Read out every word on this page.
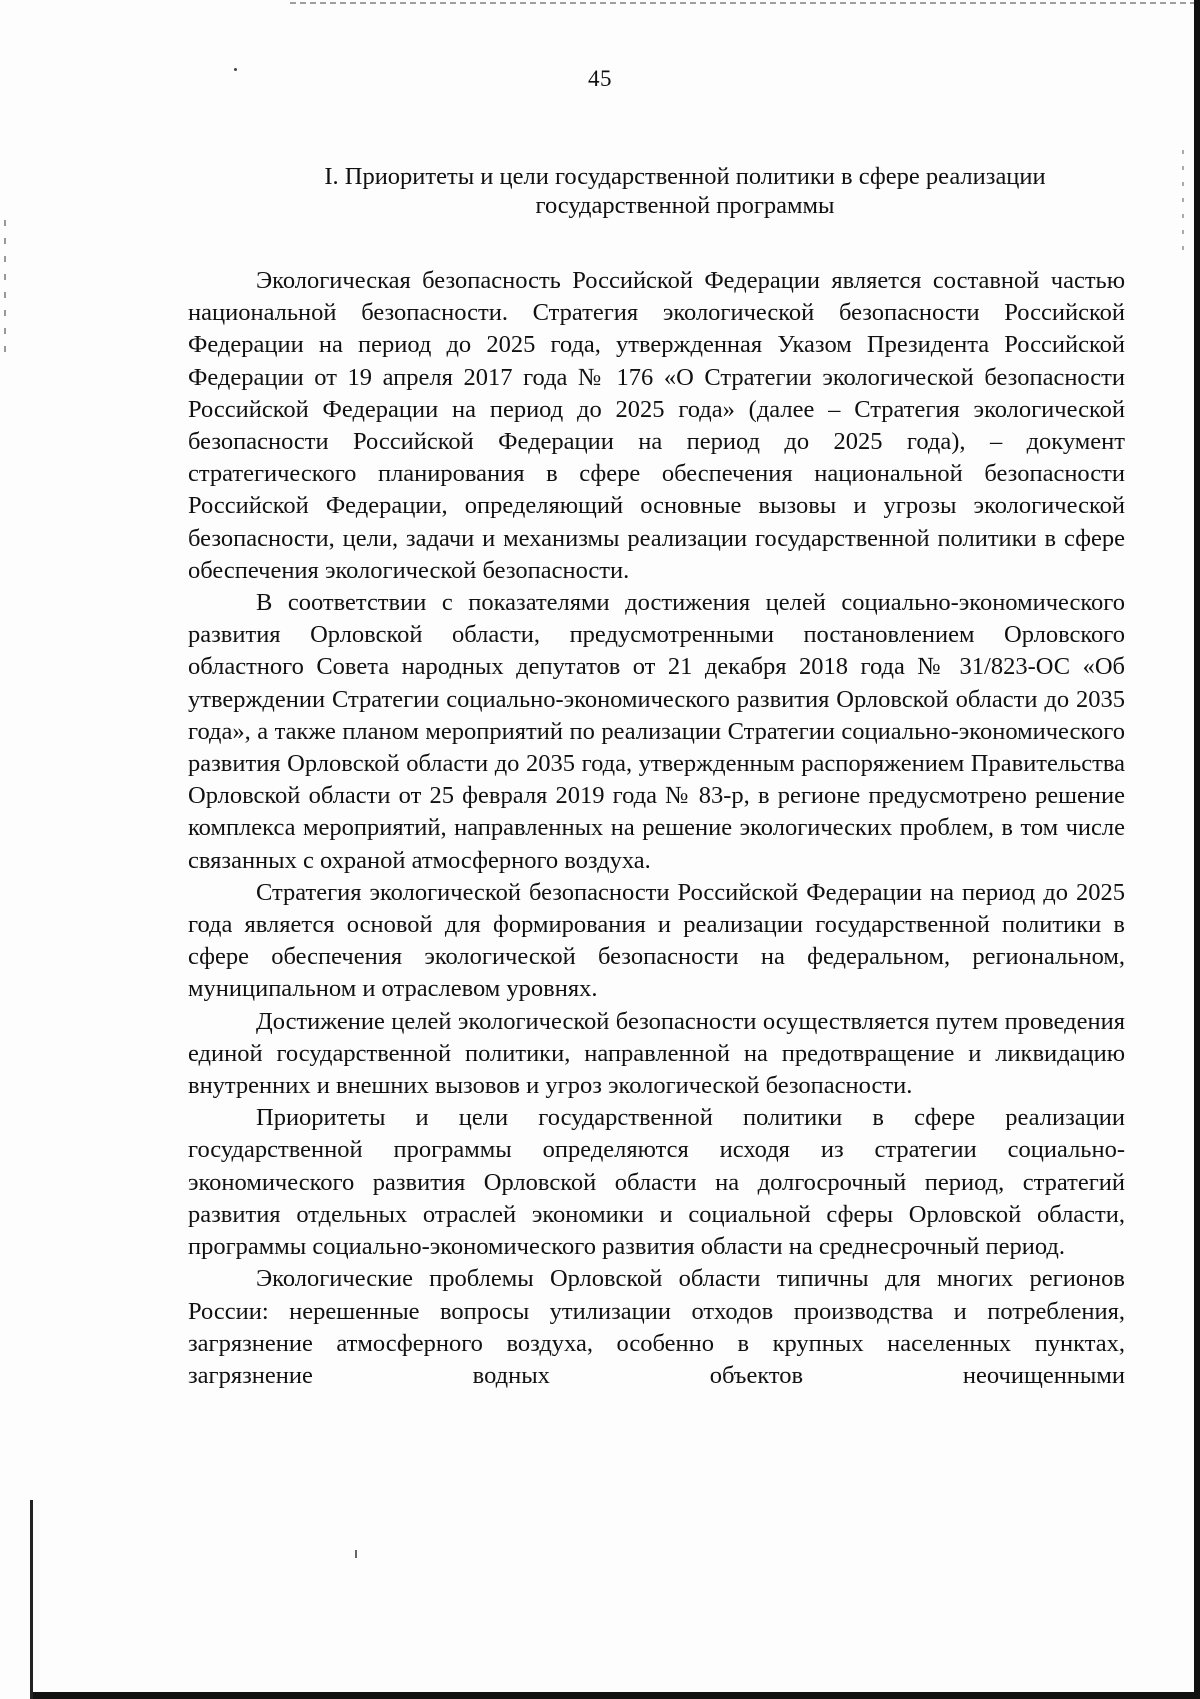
45
I. Приоритеты и цели государственной политики в сфере реализации
государственной программы

Экологическая безопасность Российской Федерации является составной частью национальной безопасности. Стратегия экологической безопасности Российской Федерации на период до 2025 года, утвержденная Указом Президента Российской Федерации от 19 апреля 2017 года № 176 «О Стратегии экологической безопасности Российской Федерации на период до 2025 года» (далее – Стратегия экологической безопасности Российской Федерации на период до 2025 года), – документ стратегического планирования в сфере обеспечения национальной безопасности Российской Федерации, определяющий основные вызовы и угрозы экологической безопасности, цели, задачи и механизмы реализации государственной политики в сфере обеспечения экологической безопасности.

В соответствии с показателями достижения целей социально-экономического развития Орловской области, предусмотренными постановлением Орловского областного Совета народных депутатов от 21 декабря 2018 года № 31/823-ОС «Об утверждении Стратегии социально-экономического развития Орловской области до 2035 года», а также планом мероприятий по реализации Стратегии социально-экономического развития Орловской области до 2035 года, утвержденным распоряжением Правительства Орловской области от 25 февраля 2019 года № 83-р, в регионе предусмотрено решение комплекса мероприятий, направленных на решение экологических проблем, в том числе связанных с охраной атмосферного воздуха.

Стратегия экологической безопасности Российской Федерации на период до 2025 года является основой для формирования и реализации государственной политики в сфере обеспечения экологической безопасности на федеральном, региональном, муниципальном и отраслевом уровнях.

Достижение целей экологической безопасности осуществляется путем проведения единой государственной политики, направленной на предотвращение и ликвидацию внутренних и внешних вызовов и угроз экологической безопасности.

Приоритеты и цели государственной политики в сфере реализации государственной программы определяются исходя из стратегии социально-экономического развития Орловской области на долгосрочный период, стратегий развития отдельных отраслей экономики и социальной сферы Орловской области, программы социально-экономического развития области на среднесрочный период.

Экологические проблемы Орловской области типичны для многих регионов России: нерешенные вопросы утилизации отходов производства и потребления, загрязнение атмосферного воздуха, особенно в крупных населенных пунктах, загрязнение водных объектов неочищенными
